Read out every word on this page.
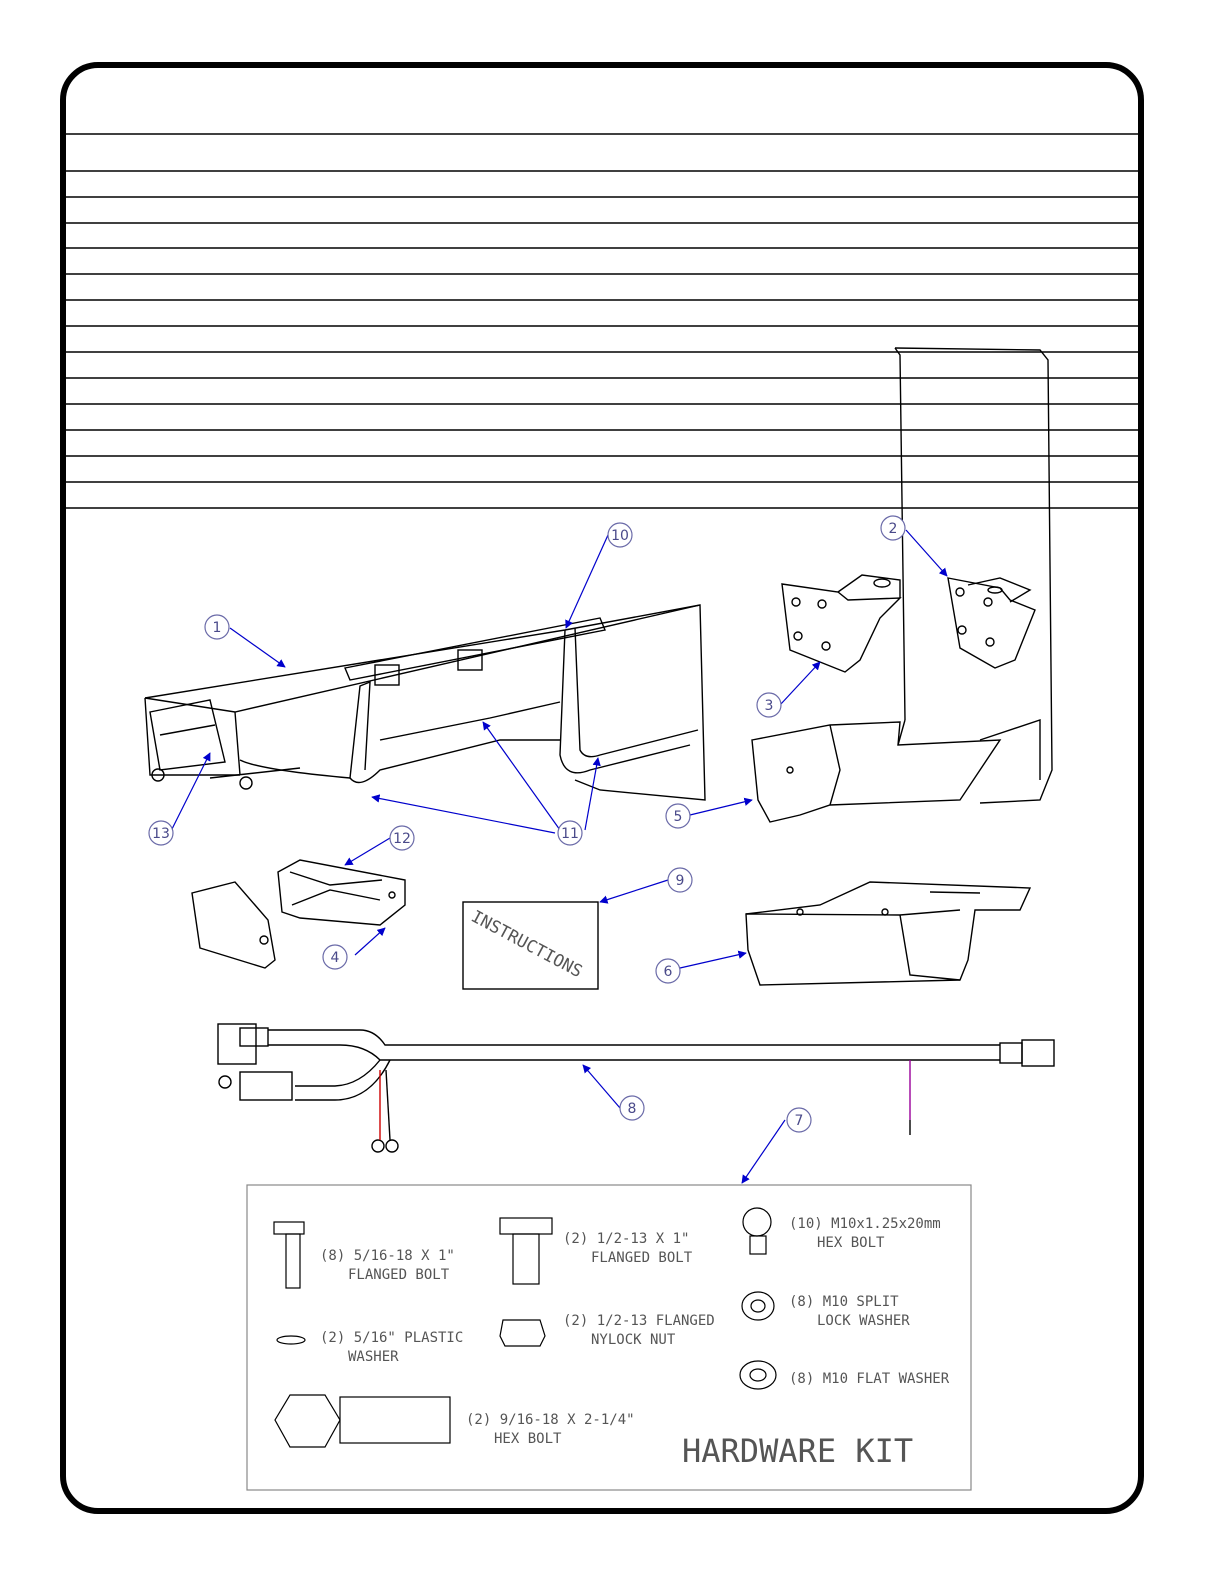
INSTRUCTIONS
(8) 5/16-18 X 1"
FLANGED BOLT
(2) 5/16" PLASTIC
WASHER
(2) 9/16-18 X 2-1/4"
HEX BOLT
(2) 1/2-13 X 1"
FLANGED BOLT
(2) 1/2-13 FLANGED
NYLOCK NUT
(10) M10x1.25x20mm
HEX BOLT
(8) M10 SPLIT
LOCK WASHER
(8) M10 FLAT WASHER
HARDWARE KIT
1
2
3
4
5
6
7
8
9
10
11
12
13
